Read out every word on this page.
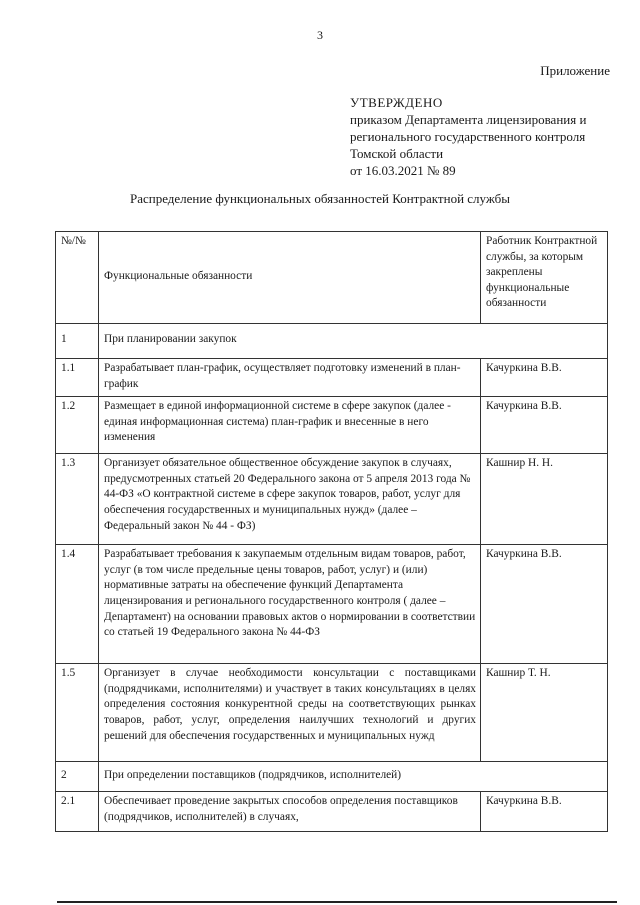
3
Приложение
УТВЕРЖДЕНО
приказом Департамента лицензирования и
регионального государственного контроля
Томской области
от 16.03.2021 № 89
Распределение функциональных обязанностей Контрактной службы
№/№	Функциональные обязанности	Работник Контрактной службы, за которым закреплены функциональные обязанности
1	При планировании закупок	
1.1	Разрабатывает план-график, осуществляет подготовку изменений в план-график	Качуркина В.В.
1.2	Размещает в единой информационной системе в сфере закупок (далее - единая информационная система) план-график и внесенные в него изменения	Качуркина В.В.
1.3	Организует обязательное общественное обсуждение закупок в случаях, предусмотренных статьей 20 Федерального закона от 5 апреля 2013 года № 44-ФЗ «О контрактной системе в сфере закупок товаров, работ, услуг для обеспечения государственных и муниципальных нужд» (далее – Федеральный закон № 44 - ФЗ)	Кашнир Н. Н.
1.4	Разрабатывает требования к закупаемым отдельным видам товаров, работ, услуг (в том числе предельные цены товаров, работ, услуг) и (или) нормативные затраты на обеспечение функций Департамента лицензирования и регионального государственного контроля ( далее – Департамент) на основании правовых актов о нормировании в соответствии со статьей 19 Федерального закона № 44-ФЗ	Качуркина В.В.
1.5	Организует в случае необходимости консультации с поставщиками (подрядчиками, исполнителями) и участвует в таких консультациях в целях определения состояния конкурентной среды на соответствующих рынках товаров, работ, услуг, определения наилучших технологий и других решений для обеспечения государственных и муниципальных нужд	Кашнир Т. Н.
2	При определении поставщиков (подрядчиков, исполнителей)	
2.1	Обеспечивает проведение закрытых способов определения поставщиков (подрядчиков, исполнителей) в случаях,	Качуркина В.В.
